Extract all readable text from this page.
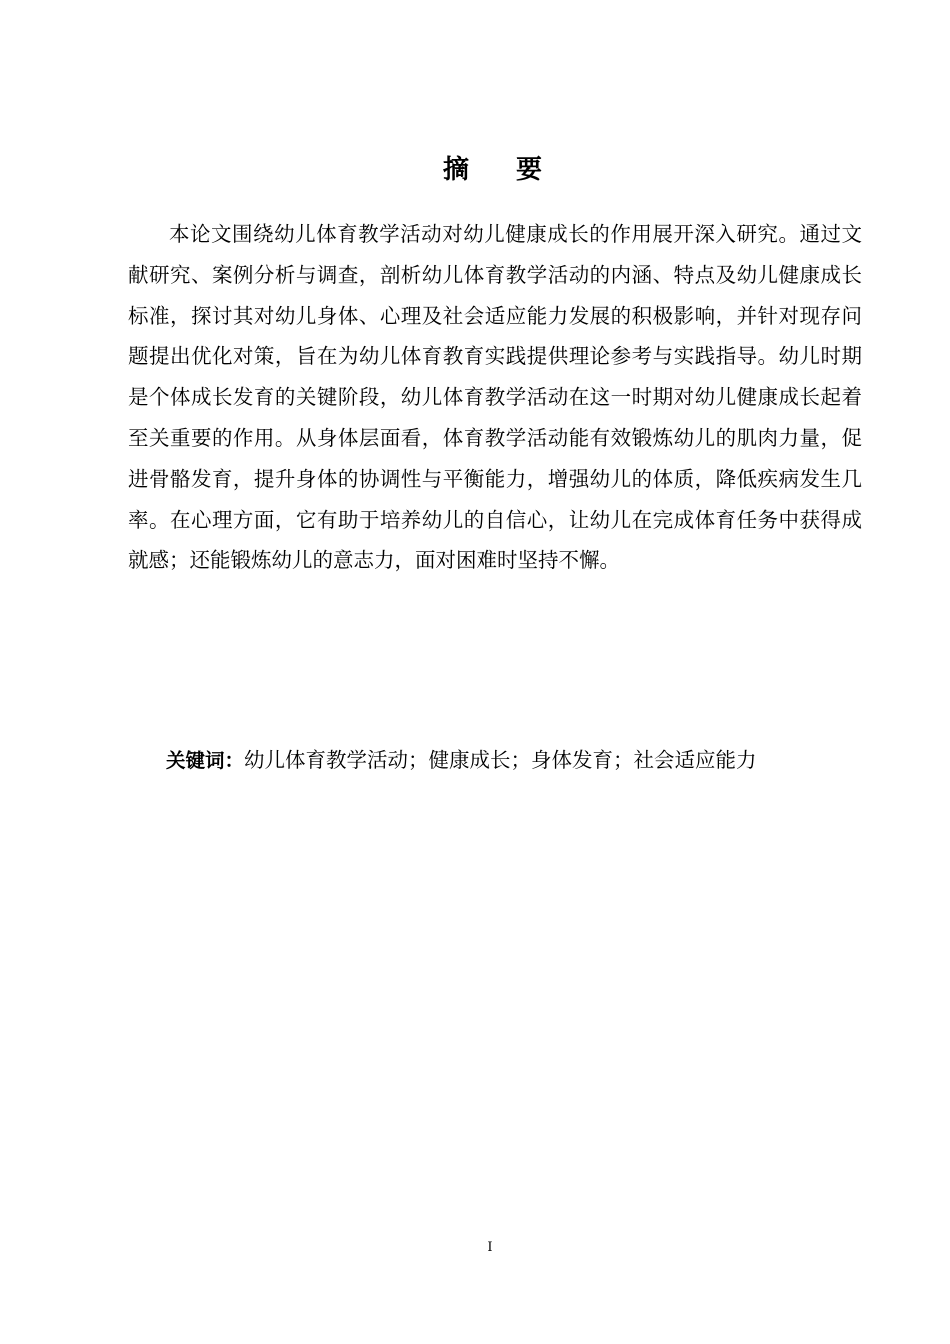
摘 要

本论文围绕幼儿体育教学活动对幼儿健康成长的作用展开深入研究。通过文献研究、案例分析与调查，剖析幼儿体育教学活动的内涵、特点及幼儿健康成长标准，探讨其对幼儿身体、心理及社会适应能力发展的积极影响，并针对现存问题提出优化对策，旨在为幼儿体育教育实践提供理论参考与实践指导。幼儿时期是个体成长发育的关键阶段，幼儿体育教学活动在这一时期对幼儿健康成长起着至关重要的作用。从身体层面看，体育教学活动能有效锻炼幼儿的肌肉力量，促进骨骼发育，提升身体的协调性与平衡能力，增强幼儿的体质，降低疾病发生几率。在心理方面，它有助于培养幼儿的自信心，让幼儿在完成体育任务中获得成就感；还能锻炼幼儿的意志力，面对困难时坚持不懈。

关键词：幼儿体育教学活动；健康成长；身体发育；社会适应能力
I
